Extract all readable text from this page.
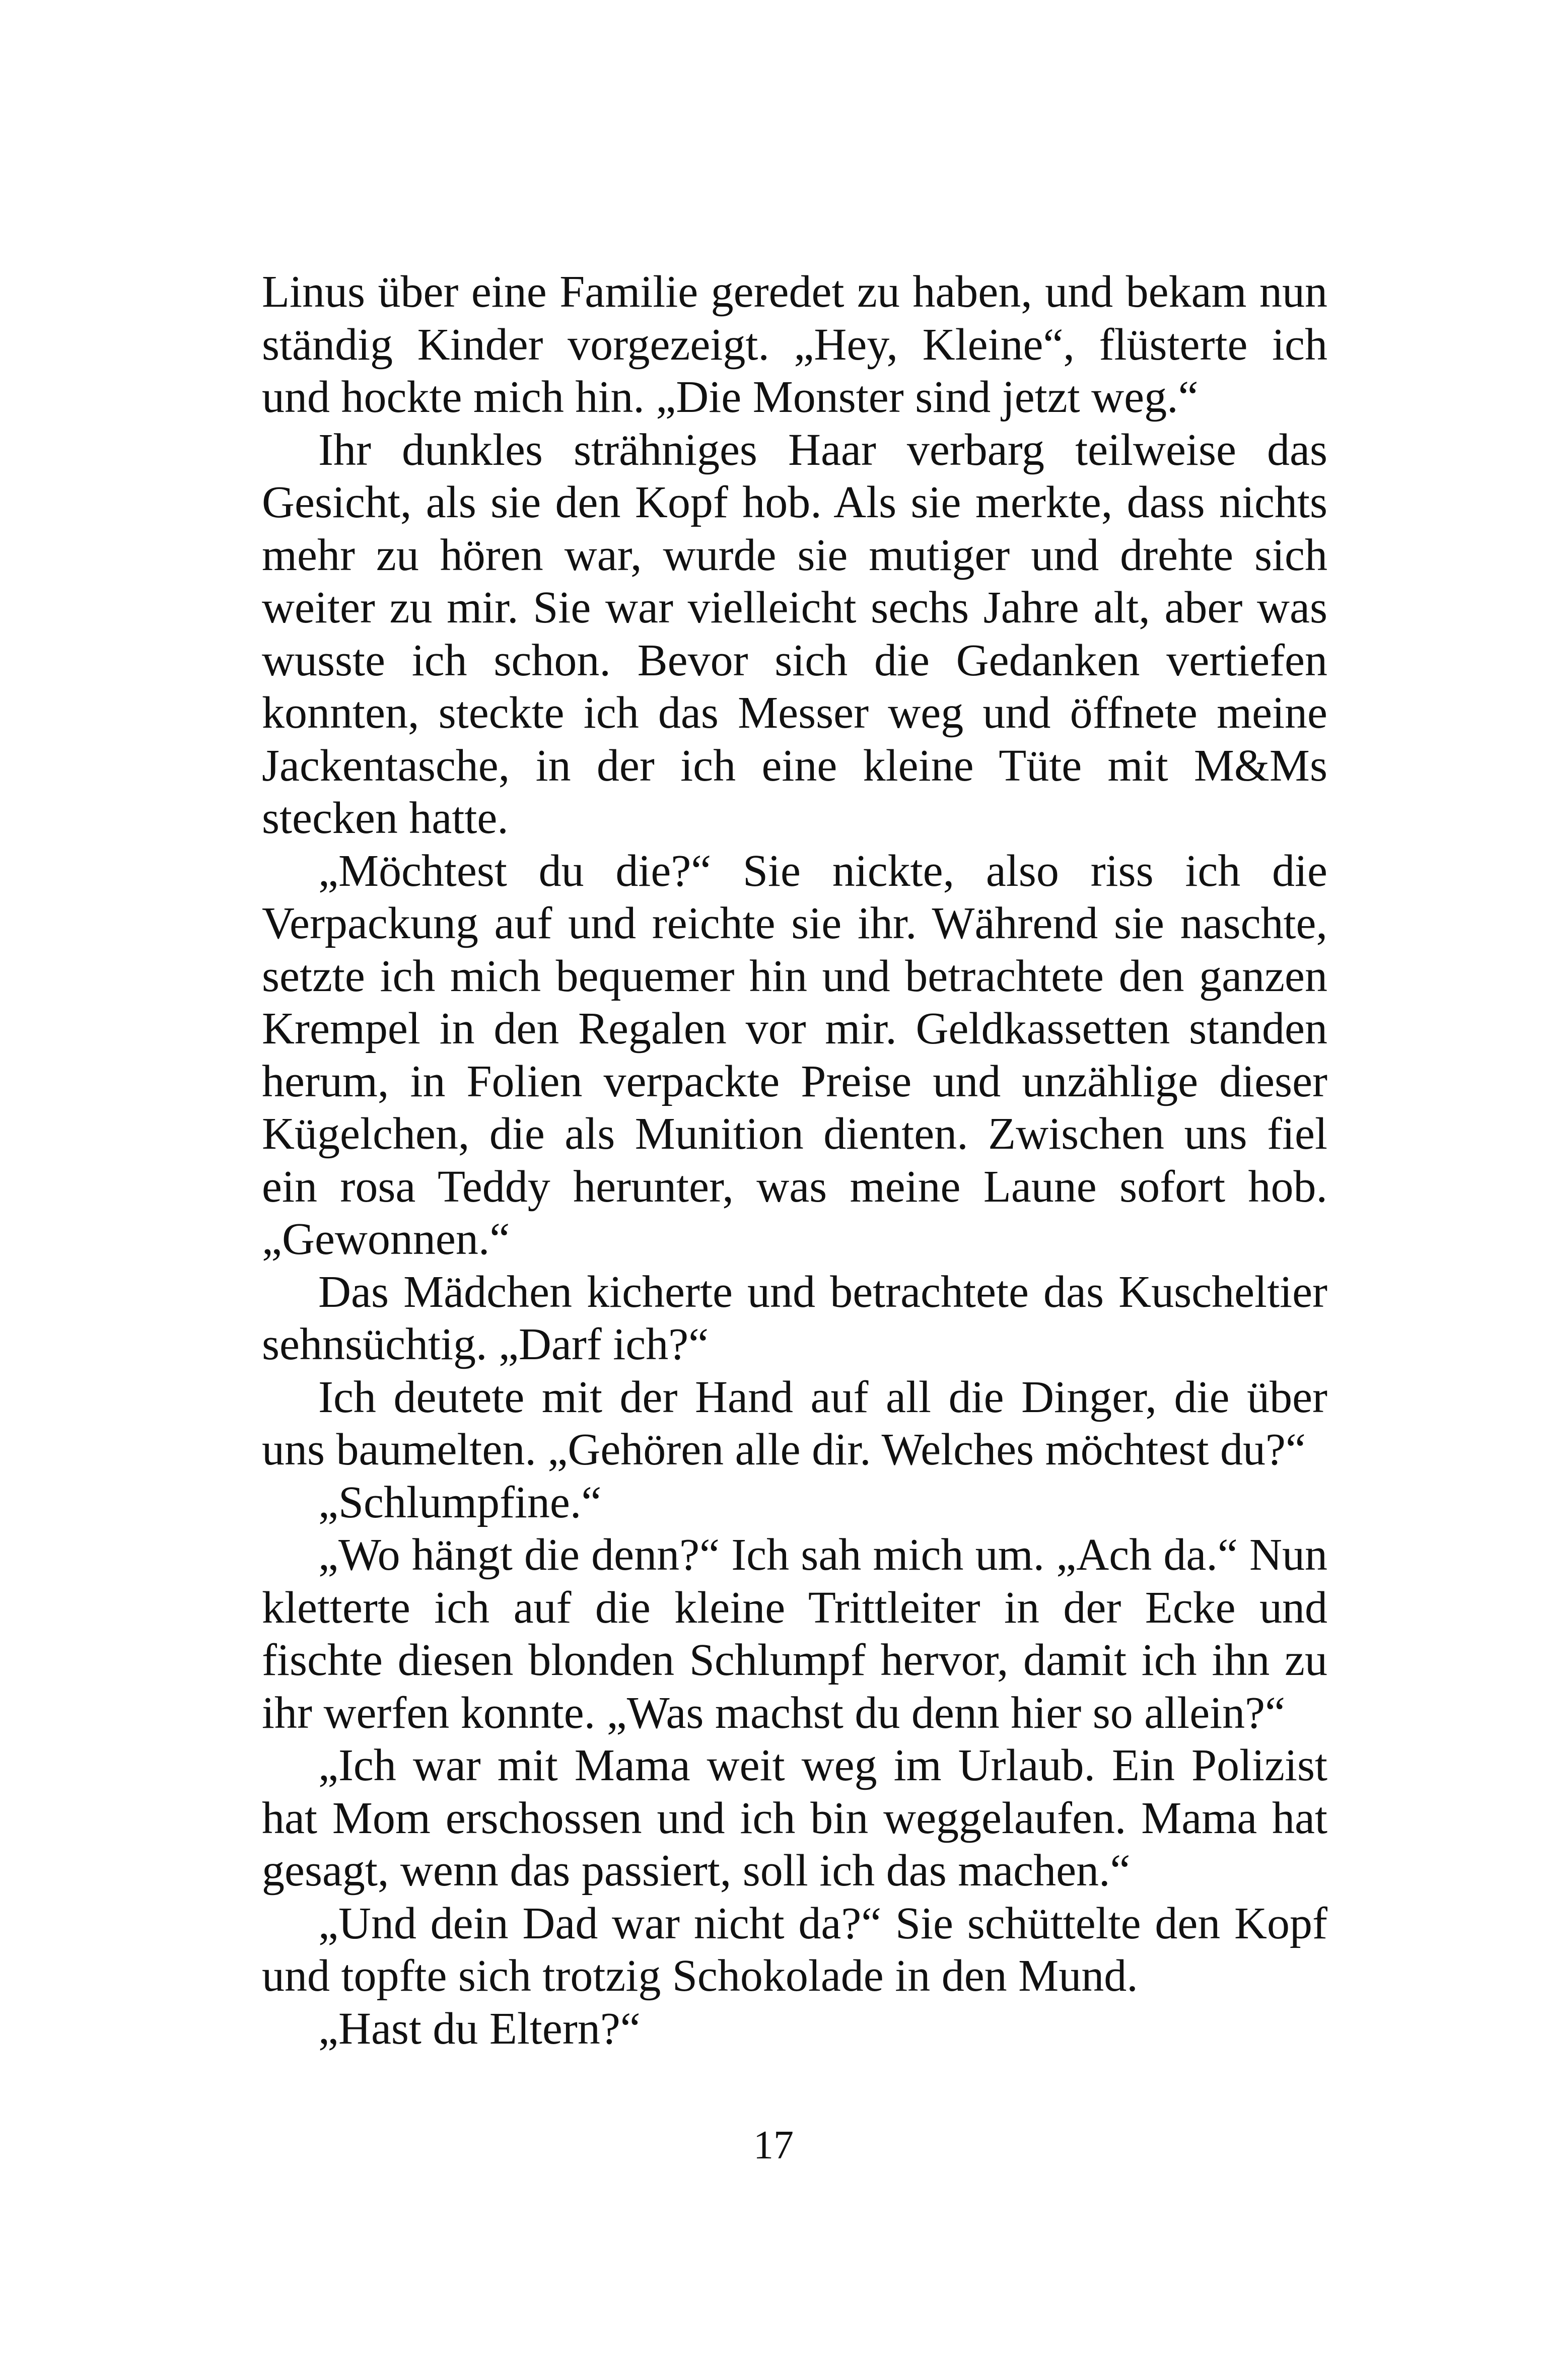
Linus über eine Familie geredet zu haben, und bekam nun ständig Kinder vorgezeigt. „Hey, Kleine“, flüsterte ich und hockte mich hin. „Die Monster sind jetzt weg.“

Ihr dunkles strähniges Haar verbarg teilweise das Gesicht, als sie den Kopf hob. Als sie merkte, dass nichts mehr zu hören war, wurde sie mutiger und drehte sich weiter zu mir. Sie war vielleicht sechs Jahre alt, aber was wusste ich schon. Bevor sich die Gedanken vertiefen konnten, steckte ich das Messer weg und öffnete meine Jackentasche, in der ich eine kleine Tüte mit M&Ms stecken hatte.

„Möchtest du die?“ Sie nickte, also riss ich die Verpackung auf und reichte sie ihr. Während sie naschte, setzte ich mich bequemer hin und betrachtete den ganzen Krempel in den Regalen vor mir. Geldkassetten standen herum, in Folien verpackte Preise und unzählige dieser Kügelchen, die als Munition dienten. Zwischen uns fiel ein rosa Teddy herunter, was meine Laune sofort hob. „Gewonnen.“

Das Mädchen kicherte und betrachtete das Kuscheltier sehnsüchtig. „Darf ich?“

Ich deutete mit der Hand auf all die Dinger, die über uns baumelten. „Gehören alle dir. Welches möchtest du?“

„Schlumpfine.“

„Wo hängt die denn?“ Ich sah mich um. „Ach da.“ Nun kletterte ich auf die kleine Trittleiter in der Ecke und fischte diesen blonden Schlumpf hervor, damit ich ihn zu ihr werfen konnte. „Was machst du denn hier so allein?“

„Ich war mit Mama weit weg im Urlaub. Ein Polizist hat Mom erschossen und ich bin weggelaufen. Mama hat gesagt, wenn das passiert, soll ich das machen.“

„Und dein Dad war nicht da?“ Sie schüttelte den Kopf und topfte sich trotzig Schokolade in den Mund.

„Hast du Eltern?“

17
